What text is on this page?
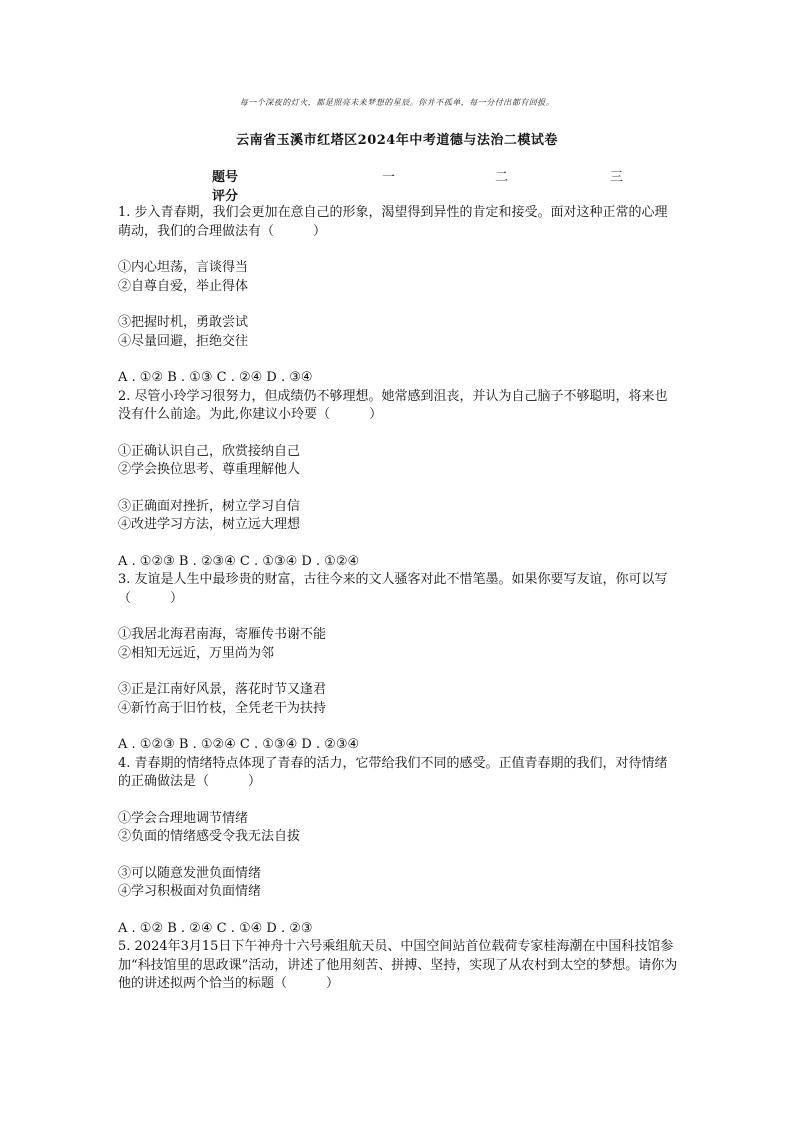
每一个深夜的灯火，都是照亮未来梦想的星辰。你并不孤单，每一分付出都有回报。
云南省玉溪市红塔区2024年中考道德与法治二模试卷
题号	一	二	三
评分

1. 步入青春期，我们会更加在意自己的形象，渴望得到异性的肯定和接受。面对这种正常的心理萌动，我们的合理做法有（　　　）

①内心坦荡，言谈得当

②自尊自爱，举止得体

③把握时机，勇敢尝试

④尽量回避，拒绝交往

A . ①② B . ①③ C . ②④ D . ③④

2. 尽管小玲学习很努力，但成绩仍不够理想。她常感到沮丧，并认为自己脑子不够聪明，将来也没有什么前途。为此,你建议小玲要（　　　）

①正确认识自己，欣赏接纳自己

②学会换位思考、尊重理解他人

③正确面对挫折，树立学习自信

④改进学习方法，树立远大理想

A . ①②③ B . ②③④ C . ①③④ D . ①②④

3. 友谊是人生中最珍贵的财富，古往今来的文人骚客对此不惜笔墨。如果你要写友谊，你可以写（　　　）

①我居北海君南海，寄雁传书谢不能

②相知无远近，万里尚为邻

③正是江南好风景，落花时节又逢君

④新竹高于旧竹枝，全凭老干为扶持

A . ①②③ B . ①②④ C . ①③④ D . ②③④

4. 青春期的情绪特点体现了青春的活力，它带给我们不同的感受。正值青春期的我们，对待情绪的正确做法是（　　　）

①学会合理地调节情绪

②负面的情绪感受令我无法自拔

③可以随意发泄负面情绪

④学习积极面对负面情绪

A . ①② B . ②④ C . ①④ D . ②③

5. 2024年3月15日下午神舟十六号乘组航天员、中国空间站首位载荷专家桂海潮在中国科技馆参加“科技馆里的思政课”活动，讲述了他用刻苦、拼搏、坚持，实现了从农村到太空的梦想。请你为他的讲述拟两个恰当的标题（　　　）
